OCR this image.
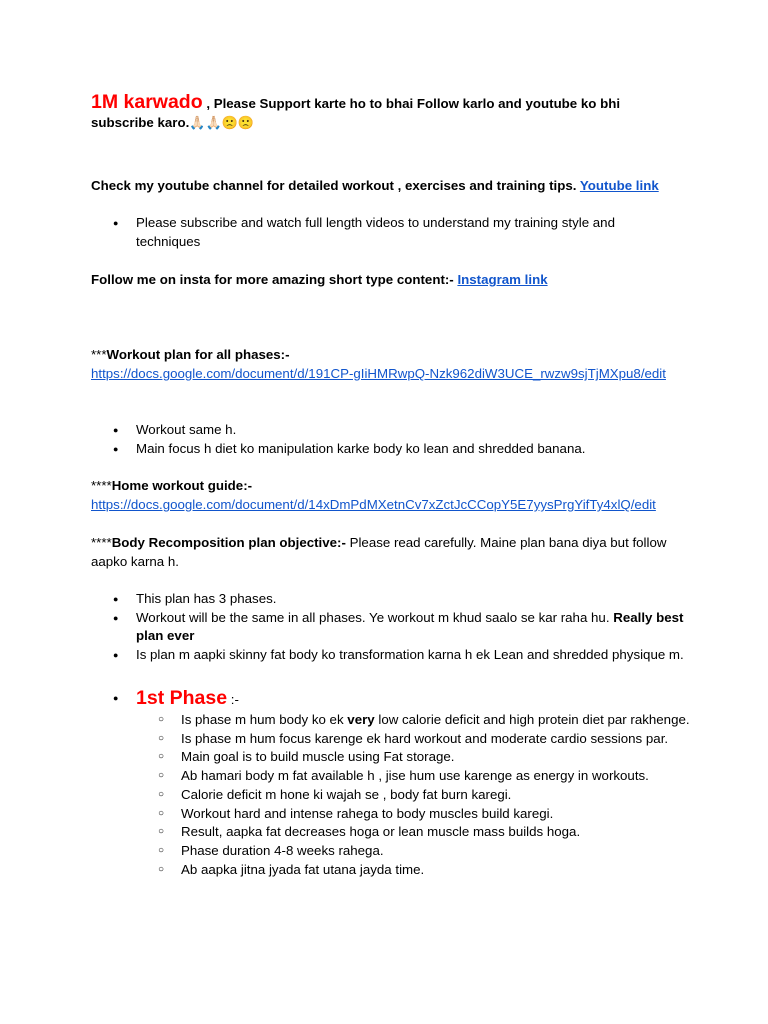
1M karwado , Please Support karte ho to bhai Follow karlo and youtube ko bhi subscribe karo.🙏🏻🙏🏻🙁🙁

Check my youtube channel for detailed workout , exercises and training tips. Youtube link

● Please subscribe and watch full length videos to understand my training style and techniques

Follow me on insta for more amazing short type content:- Instagram link

***Workout plan for all phases:-

https://docs.google.com/document/d/191CP-gIiHMRwpQ-Nzk962diW3UCE_rwzw9sjTjMXpu8/edit

● Workout same h.
● Main focus h diet ko manipulation karke body ko lean and shredded banana.

****Home workout guide:-

https://docs.google.com/document/d/14xDmPdMXetnCv7xZctJcCCopY5E7yysPrgYifTy4xlQ/edit

****Body Recomposition plan objective:- Please read carefully. Maine plan bana diya but follow aapko karna h.

● This plan has 3 phases.
● Workout will be the same in all phases. Ye workout m khud saalo se kar raha hu. Really best plan ever
● Is plan m aapki skinny fat body ko transformation karna h ek Lean and shredded physique m.
● 1st Phase :-
○ Is phase m hum body ko ek very low calorie deficit and high protein diet par rakhenge.
○ Is phase m hum focus karenge ek hard workout and moderate cardio sessions par.
○ Main goal is to build muscle using Fat storage.
○ Ab hamari body m fat available h , jise hum use karenge as energy in workouts.
○ Calorie deficit m hone ki wajah se , body fat burn karegi.
○ Workout hard and intense rahega to body muscles build karegi.
○ Result, aapka fat decreases hoga or lean muscle mass builds hoga.
○ Phase duration 4-8 weeks rahega.
○ Ab aapka jitna jyada fat utana jayda time.
